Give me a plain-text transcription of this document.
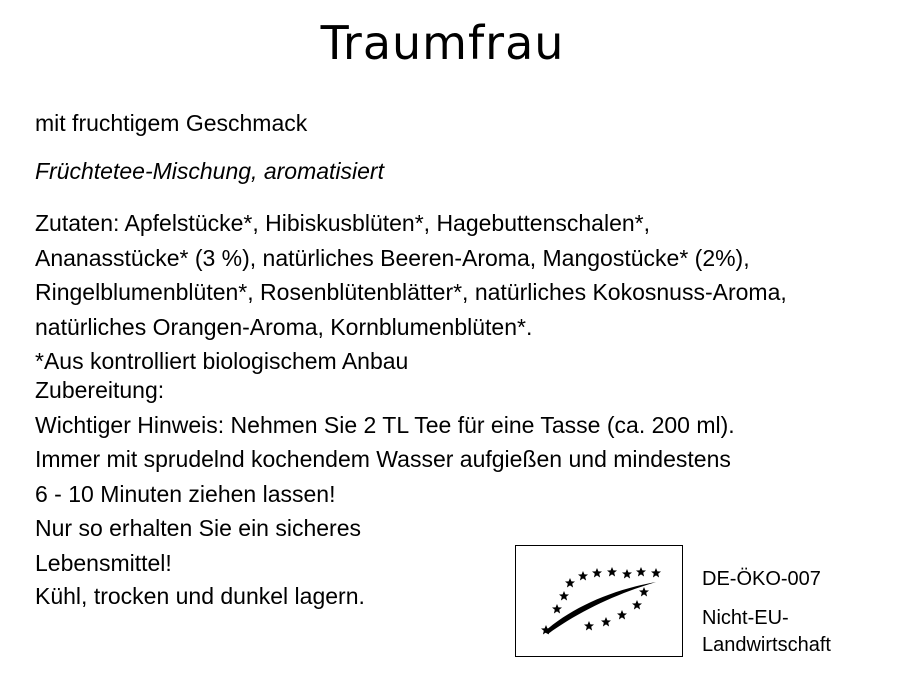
Traumfrau
mit fruchtigem Geschmack
Früchtetee-Mischung, aromatisiert
Zutaten: Apfelstücke*, Hibiskusblüten*, Hagebuttenschalen*,
Ananasstücke* (3 %), natürliches Beeren-Aroma, Mangostücke* (2%),
Ringelblumenblüten*, Rosenblütenblätter*, natürliches Kokosnuss-Aroma,
natürliches Orangen-Aroma, Kornblumenblüten*.
*Aus kontrolliert biologischem Anbau
Zubereitung:
Wichtiger Hinweis: Nehmen Sie 2 TL Tee für eine Tasse (ca. 200 ml).
Immer mit sprudelnd kochendem Wasser aufgießen und mindestens
6 - 10 Minuten ziehen lassen!
Nur so erhalten Sie ein sicheres
Lebensmittel!
Kühl, trocken und dunkel lagern.
DE-ÖKO-007
Nicht-EU-
Landwirtschaft
